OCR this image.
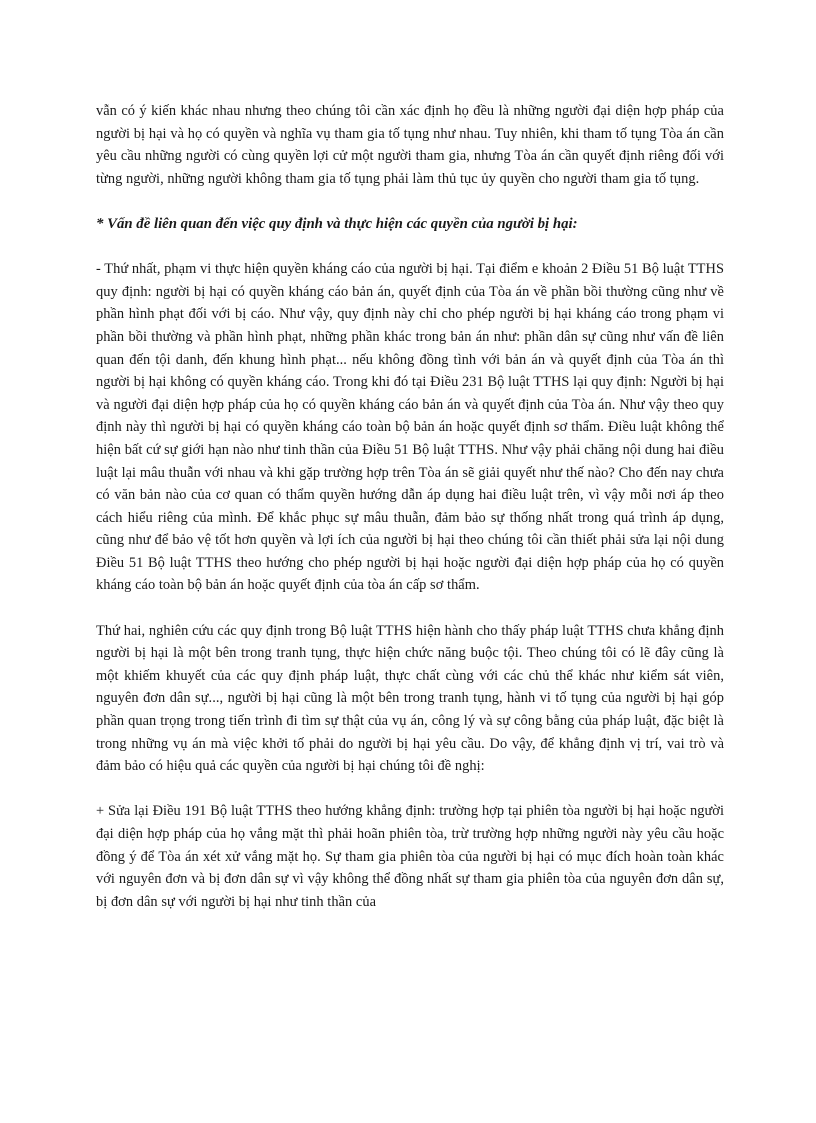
vẫn có ý kiến khác nhau nhưng theo chúng tôi cần xác định họ đều là những người đại diện hợp pháp của người bị hại và họ có quyền và nghĩa vụ tham gia tố tụng như nhau. Tuy nhiên, khi tham tố tụng Tòa án cần yêu cầu những người có cùng quyền lợi cử một người tham gia, nhưng Tòa án cần quyết định riêng đối với từng người, những người không tham gia tố tụng phải làm thủ tục ủy quyền cho người tham gia tố tụng.

* Vấn đề liên quan đến việc quy định và thực hiện các quyền của người bị hại:

- Thứ nhất, phạm vi thực hiện quyền kháng cáo của người bị hại. Tại điểm e khoản 2 Điều 51 Bộ luật TTHS quy định: người bị hại có quyền kháng cáo bản án, quyết định của Tòa án về phần bồi thường cũng như về phần hình phạt đối với bị cáo. Như vậy, quy định này chỉ cho phép người bị hại kháng cáo trong phạm vi phần bồi thường và phần hình phạt, những phần khác trong bản án như: phần dân sự cũng như vấn đề liên quan đến tội danh, đến khung hình phạt... nếu không đồng tình với bản án và quyết định của Tòa án thì người bị hại không có quyền kháng cáo. Trong khi đó tại Điều 231 Bộ luật TTHS lại quy định: Người bị hại và người đại diện hợp pháp của họ có quyền kháng cáo bản án và quyết định của Tòa án. Như vậy theo quy định này thì người bị hại có quyền kháng cáo toàn bộ bản án hoặc quyết định sơ thẩm. Điều luật không thể hiện bất cứ sự giới hạn nào như tinh thần của Điều 51 Bộ luật TTHS. Như vậy phải chăng nội dung hai điều luật lại mâu thuẫn với nhau và khi gặp trường hợp trên Tòa án sẽ giải quyết như thế nào? Cho đến nay chưa có văn bản nào của cơ quan có thẩm quyền hướng dẫn áp dụng hai điều luật trên, vì vậy mỗi nơi áp theo cách hiểu riêng của mình. Để khắc phục sự mâu thuẫn, đảm bảo sự thống nhất trong quá trình áp dụng, cũng như để bảo vệ tốt hơn quyền và lợi ích của người bị hại theo chúng tôi cần thiết phải sửa lại nội dung Điều 51 Bộ luật TTHS theo hướng cho phép người bị hại hoặc người đại diện hợp pháp của họ có quyền kháng cáo toàn bộ bản án hoặc quyết định của tòa án cấp sơ thẩm.

Thứ hai, nghiên cứu các quy định trong Bộ luật TTHS hiện hành cho thấy pháp luật TTHS chưa khẳng định người bị hại là một bên trong tranh tụng, thực hiện chức năng buộc tội. Theo chúng tôi có lẽ đây cũng là một khiếm khuyết của các quy định pháp luật, thực chất cùng với các chủ thể khác như kiểm sát viên, nguyên đơn dân sự..., người bị hại cũng là một bên trong tranh tụng, hành vi tố tụng của người bị hại góp phần quan trọng trong tiến trình đi tìm sự thật của vụ án, công lý và sự công bằng của pháp luật, đặc biệt là trong những vụ án mà việc khởi tố phải do người bị hại yêu cầu. Do vậy, để khẳng định vị trí, vai trò và đảm bảo có hiệu quả các quyền của người bị hại chúng tôi đề nghị:

+ Sửa lại Điều 191 Bộ luật TTHS theo hướng khẳng định: trường hợp tại phiên tòa người bị hại hoặc người đại diện hợp pháp của họ vắng mặt thì phải hoãn phiên tòa, trừ trường hợp những người này yêu cầu hoặc đồng ý để Tòa án xét xử vắng mặt họ. Sự tham gia phiên tòa của người bị hại có mục đích hoàn toàn khác với nguyên đơn và bị đơn dân sự vì vậy không thể đồng nhất sự tham gia phiên tòa của nguyên đơn dân sự, bị đơn dân sự với người bị hại như tinh thần của
